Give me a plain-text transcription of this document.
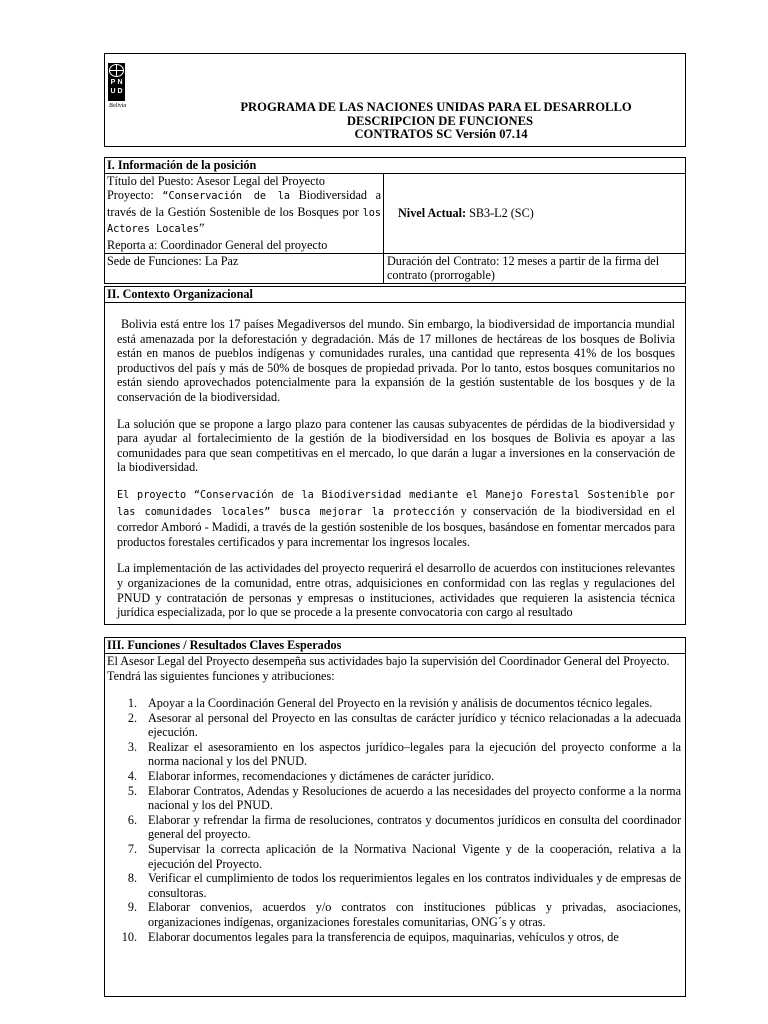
P N
U D
Bolivia	PROGRAMA DE LAS NACIONES UNIDAS PARA EL DESARROLLO
DESCRIPCION DE FUNCIONES
CONTRATOS SC Versión 07.14
I. Información de la posición	

Título del Puesto: Asesor Legal del Proyecto
Proyecto: “Conservación de la Biodiversidad a través de la Gestión Sostenible de los Bosques por los Actores Locales”
Reporta a: Coordinador General del proyecto	Nivel Actual: SB3-L2 (SC)
Sede de Funciones: La Paz	Duración del Contrato: 12 meses a partir de la firma del contrato (prorrogable)
II. Contexto Organizacional

Bolivia está entre los 17 países Megadiversos del mundo. Sin embargo, la biodiversidad de importancia mundial está amenazada por la deforestación y degradación. Más de 17 millones de hectáreas de los bosques de Bolivia están en manos de pueblos indígenas y comunidades rurales, una cantidad que representa 41% de los bosques productivos del país y más de 50% de bosques de propiedad privada. Por lo tanto, estos bosques comunitarios no están siendo aprovechados potencialmente para la expansión de la gestión sustentable de los bosques y de la conservación de la biodiversidad.

La solución que se propone a largo plazo para contener las causas subyacentes de pérdidas de la biodiversidad y para ayudar al fortalecimiento de la gestión de la biodiversidad en los bosques de Bolivia es apoyar a las comunidades para que sean competitivas en el mercado, lo que darán a lugar a inversiones en la conservación de la biodiversidad.

El proyecto “Conservación de la Biodiversidad mediante el Manejo Forestal Sostenible por las comunidades locales” busca mejorar la protección y conservación de la biodiversidad en el corredor Amboró - Madidi, a través de la gestión sostenible de los bosques, basándose en fomentar mercados para productos forestales certificados y para incrementar los ingresos locales.

La implementación de las actividades del proyecto requerirá el desarrollo de acuerdos con instituciones relevantes y organizaciones de la comunidad, entre otras, adquisiciones en conformidad con las reglas y regulaciones del PNUD y contratación de personas y empresas o instituciones, actividades que requieren la asistencia técnica jurídica especializada, por lo que se procede a la presente convocatoria con cargo al resultado

III. Funciones / Resultados Claves Esperados
El Asesor Legal del Proyecto desempeña sus actividades bajo la supervisión del Coordinador General del Proyecto. Tendrá las siguientes funciones y atribuciones:
1. Apoyar a la Coordinación General del Proyecto en la revisión y análisis de documentos técnico legales.
2. Asesorar al personal del Proyecto en las consultas de carácter jurídico y técnico relacionadas a la adecuada ejecución.
3. Realizar el asesoramiento en los aspectos jurídico–legales para la ejecución del proyecto conforme a la norma nacional y los del PNUD.
4. Elaborar informes, recomendaciones y dictámenes de carácter jurídico.
5. Elaborar Contratos, Adendas y Resoluciones de acuerdo a las necesidades del proyecto conforme a la norma nacional y los del PNUD.
6. Elaborar y refrendar la firma de resoluciones, contratos y documentos jurídicos en consulta del coordinador general del proyecto.
7. Supervisar la correcta aplicación de la Normativa Nacional Vigente y de la cooperación, relativa a la ejecución del Proyecto.
8. Verificar el cumplimiento de todos los requerimientos legales en los contratos individuales y de empresas de consultoras.
9. Elaborar convenios, acuerdos y/o contratos con instituciones públicas y privadas, asociaciones, organizaciones indígenas, organizaciones forestales comunitarias, ONG´s y otras.
10. Elaborar documentos legales para la transferencia de equipos, maquinarias, vehículos y otros, de
